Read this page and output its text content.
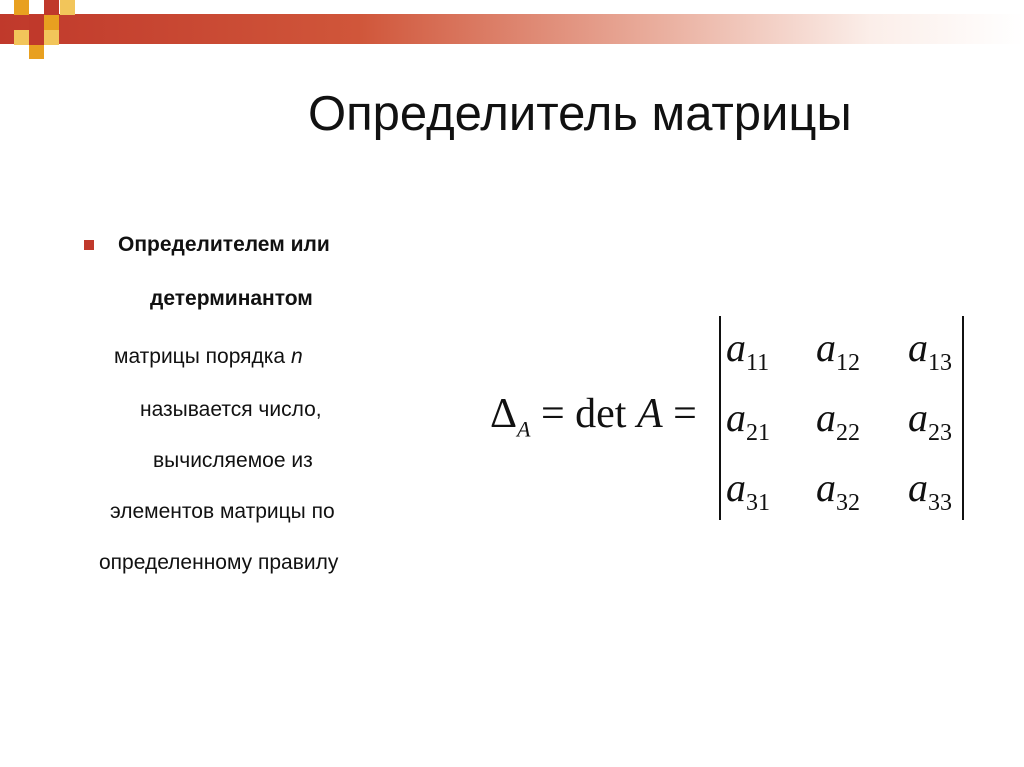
Определитель матрицы
Определителем или
детерминантом
матрицы порядка n
называется число,
вычисляемое из
элементов матрицы по
определенному правилу
$\Delta_A = \det A$ =
$a_{11}$ $a_{12}$ $a_{13}$
$a_{21}$ $a_{22}$ $a_{23}$
$a_{31}$ $a_{32}$ $a_{33}$
